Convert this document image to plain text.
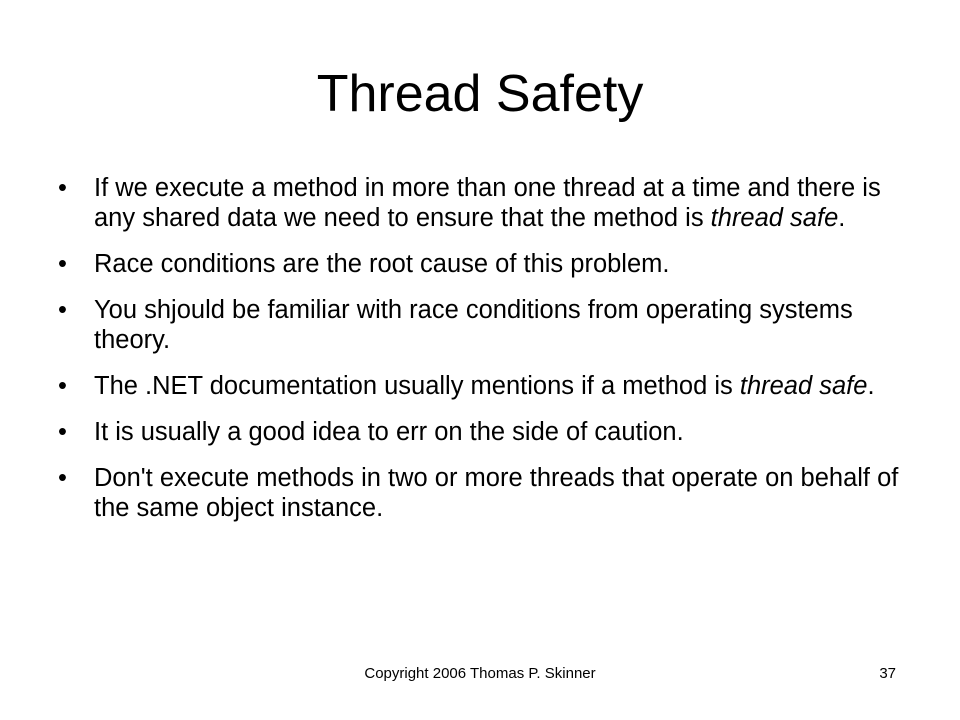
Thread Safety
• If we execute a method in more than one thread at a time and there is any shared data we need to ensure that the method is thread safe.
• Race conditions are the root cause of this problem.
• You shjould be familiar with race conditions from operating systems theory.
• The .NET documentation usually mentions if a method is thread safe.
• It is usually a good idea to err on the side of caution.
• Don't execute methods in two or more threads that operate on behalf of the same object instance.
Copyright 2006 Thomas P. Skinner	37
